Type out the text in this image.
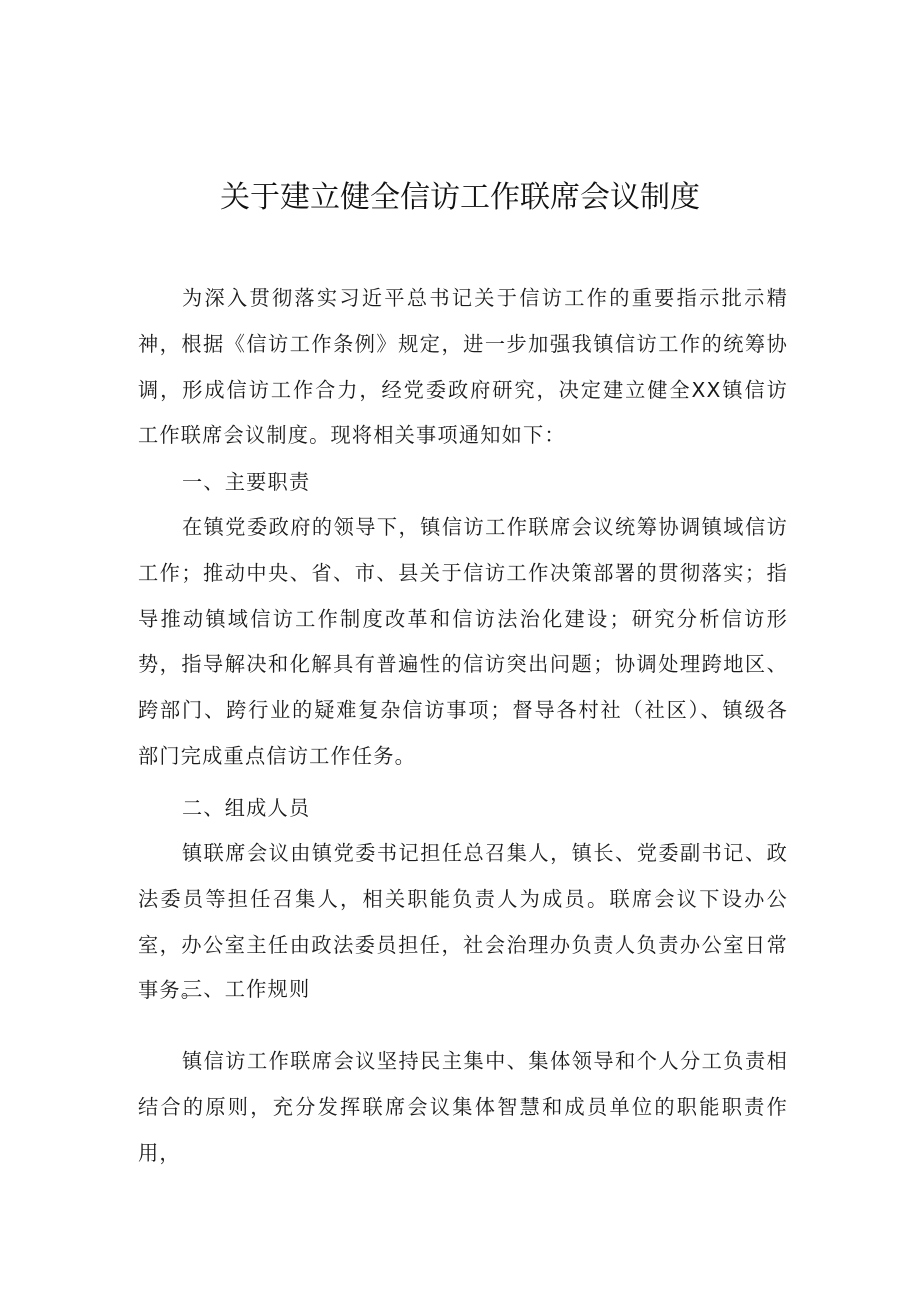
关于建立健全信访工作联席会议制度

为深入贯彻落实习近平总书记关于信访工作的重要指示批示精神，根据《信访工作条例》规定，进一步加强我镇信访工作的统筹协调，形成信访工作合力，经党委政府研究，决定建立健全XX镇信访工作联席会议制度。现将相关事项通知如下：

一、主要职责

在镇党委政府的领导下，镇信访工作联席会议统筹协调镇域信访工作；推动中央、省、市、县关于信访工作决策部署的贯彻落实；指导推动镇域信访工作制度改革和信访法治化建设；研究分析信访形势，指导解决和化解具有普遍性的信访突出问题；协调处理跨地区、跨部门、跨行业的疑难复杂信访事项；督导各村社（社区）、镇级各部门完成重点信访工作任务。

二、组成人员

镇联席会议由镇党委书记担任总召集人，镇长、党委副书记、政法委员等担任召集人，相关职能负责人为成员。联席会议下设办公室，办公室主任由政法委员担任，社会治理办负责人负责办公室日常事务。

三、工作规则

镇信访工作联席会议坚持民主集中、集体领导和个人分工负责相结合的原则，充分发挥联席会议集体智慧和成员单位的职能职责作用，
